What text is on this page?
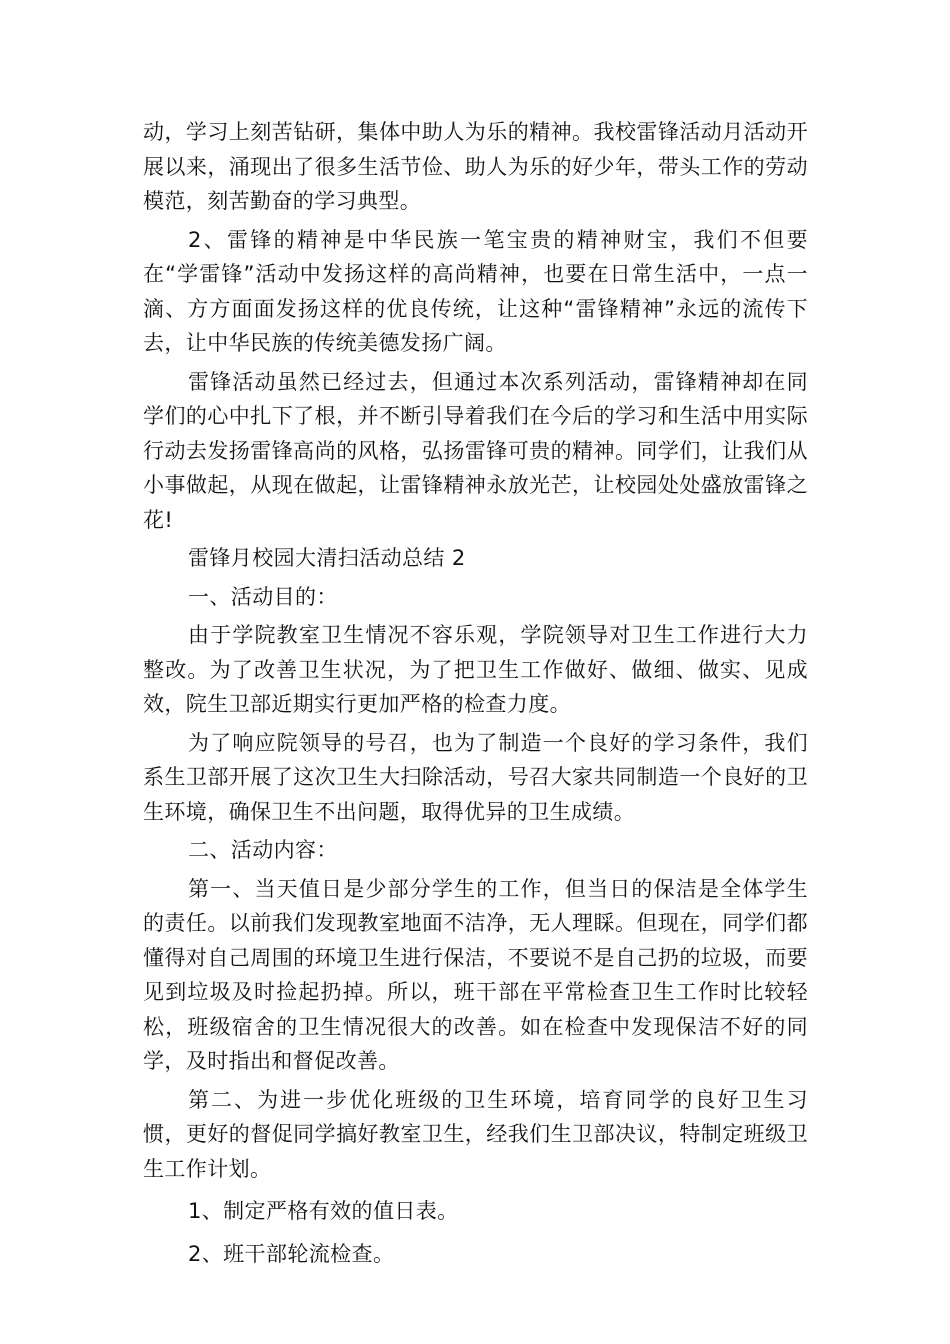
动，学习上刻苦钻研，集体中助人为乐的精神。我校雷锋活动月活动开展以来，涌现出了很多生活节俭、助人为乐的好少年，带头工作的劳动模范，刻苦勤奋的学习典型。

2、雷锋的精神是中华民族一笔宝贵的精神财宝，我们不但要在“学雷锋”活动中发扬这样的高尚精神，也要在日常生活中，一点一滴、方方面面发扬这样的优良传统，让这种“雷锋精神”永远的流传下去，让中华民族的传统美德发扬广阔。

雷锋活动虽然已经过去，但通过本次系列活动，雷锋精神却在同学们的心中扎下了根，并不断引导着我们在今后的学习和生活中用实际行动去发扬雷锋高尚的风格，弘扬雷锋可贵的精神。同学们，让我们从小事做起，从现在做起，让雷锋精神永放光芒，让校园处处盛放雷锋之花!

雷锋月校园大清扫活动总结 2

一、活动目的：

由于学院教室卫生情况不容乐观，学院领导对卫生工作进行大力整改。为了改善卫生状况，为了把卫生工作做好、做细、做实、见成效，院生卫部近期实行更加严格的检查力度。

为了响应院领导的号召，也为了制造一个良好的学习条件，我们系生卫部开展了这次卫生大扫除活动，号召大家共同制造一个良好的卫生环境，确保卫生不出问题，取得优异的卫生成绩。

二、活动内容：

第一、当天值日是少部分学生的工作，但当日的保洁是全体学生的责任。以前我们发现教室地面不洁净，无人理睬。但现在，同学们都懂得对自己周围的环境卫生进行保洁，不要说不是自己扔的垃圾，而要见到垃圾及时捡起扔掉。所以，班干部在平常检查卫生工作时比较轻松，班级宿舍的卫生情况很大的改善。如在检查中发现保洁不好的同学，及时指出和督促改善。

第二、为进一步优化班级的卫生环境，培育同学的良好卫生习惯，更好的督促同学搞好教室卫生，经我们生卫部决议，特制定班级卫生工作计划。

1、制定严格有效的值日表。

2、班干部轮流检查。
